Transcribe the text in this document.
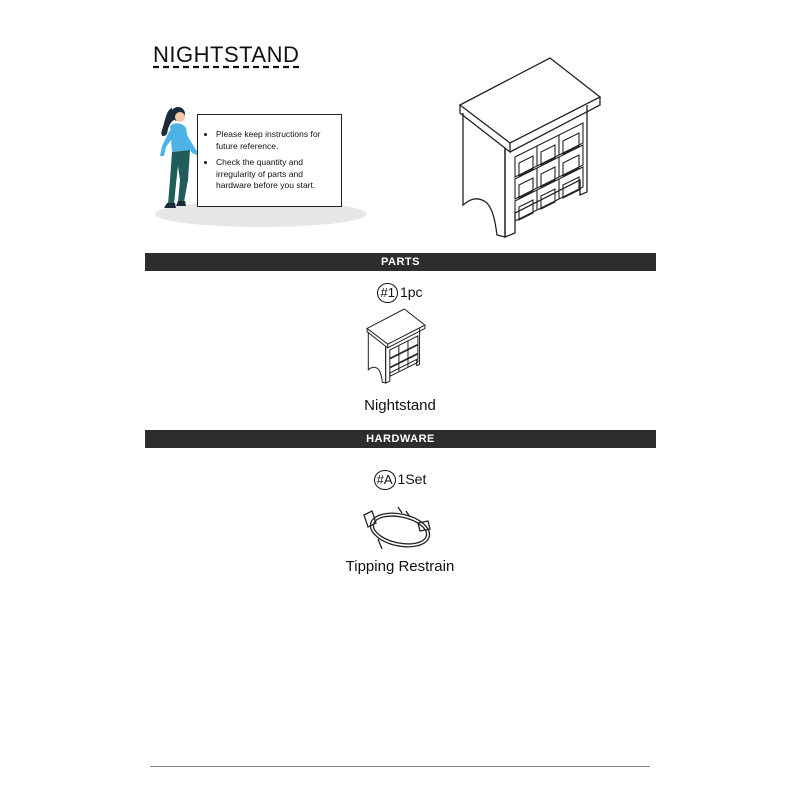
NIGHTSTAND
• Please keep instructions for future reference.
• Check the quantity and irregularity of parts and hardware before you start.
PARTS
#1 1pc
Nightstand
HARDWARE
#A 1Set
Tipping Restrain
